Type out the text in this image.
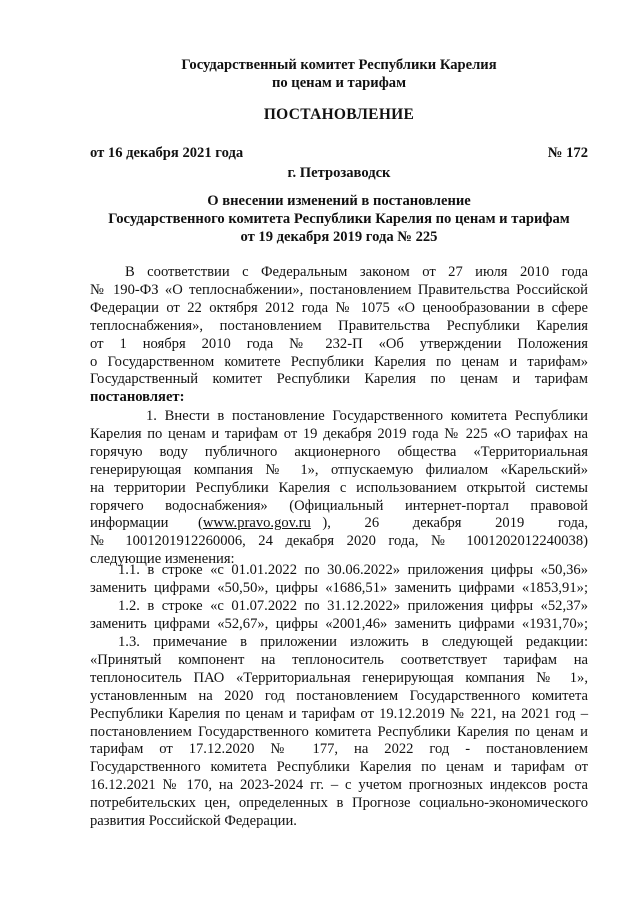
Государственный комитет Республики Карелия
по ценам и тарифам
ПОСТАНОВЛЕНИЕ
от 16 декабря 2021 года	№ 172
г. Петрозаводск
О внесении изменений в постановление
Государственного комитета Республики Карелия по ценам и тарифам
от 19 декабря 2019 года № 225
В соответствии с Федеральным законом от 27 июля 2010 года
№ 190-ФЗ «О теплоснабжении», постановлением Правительства Российской
Федерации от 22 октября 2012 года № 1075 «О ценообразовании в сфере
теплоснабжения», постановлением Правительства Республики Карелия
от 1 ноября 2010 года № 232-П «Об утверждении Положения
о Государственном комитете Республики Карелия по ценам и тарифам»
Государственный комитет Республики Карелия по ценам и тарифам
постановляет:
1. Внести в постановление Государственного комитета Республики
Карелия по ценам и тарифам от 19 декабря 2019 года № 225 «О тарифах на
горячую воду публичного акционерного общества «Территориальная
генерирующая компания № 1», отпускаемую филиалом «Карельский»
на территории Республики Карелия с использованием открытой системы
горячего водоснабжения» (Официальный интернет-портал правовой
информации (www.pravo.gov.ru ), 26 декабря 2019 года,
№ 1001201912260006, 24 декабря 2020 года, № 1001202012240038)
следующие изменения:
1.1. в строке «с 01.01.2022 по 30.06.2022» приложения цифры «50,36»
заменить цифрами «50,50», цифры «1686,51» заменить цифрами «1853,91»;
1.2. в строке «с 01.07.2022 по 31.12.2022» приложения цифры «52,37»
заменить цифрами «52,67», цифры «2001,46» заменить цифрами «1931,70»;
1.3. примечание в приложении изложить в следующей редакции:
«Принятый компонент на теплоноситель соответствует тарифам на
теплоноситель ПАО «Территориальная генерирующая компания № 1»,
установленным на 2020 год постановлением Государственного комитета
Республики Карелия по ценам и тарифам от 19.12.2019 № 221, на 2021 год –
постановлением Государственного комитета Республики Карелия по ценам и
тарифам от 17.12.2020 № 177, на 2022 год - постановлением
Государственного комитета Республики Карелия по ценам и тарифам от
16.12.2021 № 170, на 2023-2024 гг. – с учетом прогнозных индексов роста
потребительских цен, определенных в Прогнозе социально-экономического
развития Российской Федерации.
